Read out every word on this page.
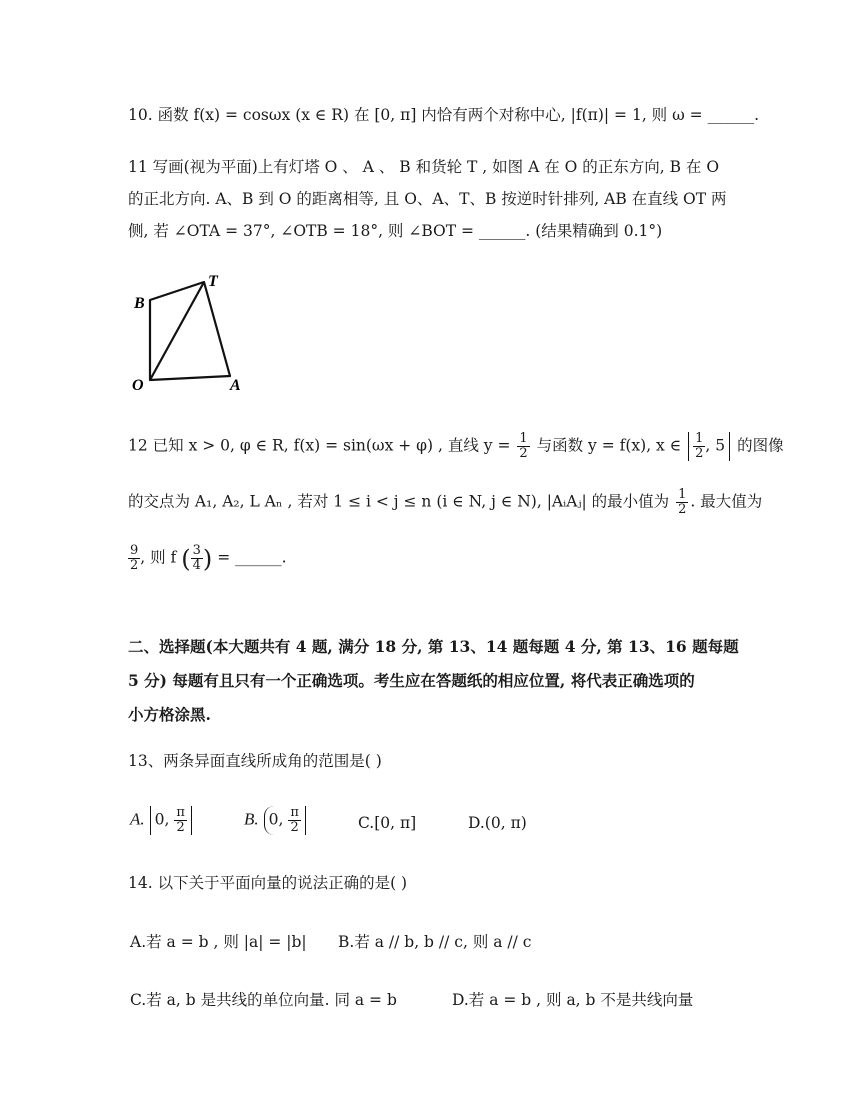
10. 函数 f(x) = cosωx (x ∈ R) 在 [0, π] 内恰有两个对称中心, |f(π)| = 1, 则 ω = ______.
11 写画(视为平面)上有灯塔 O 、 A 、 B 和货轮 T , 如图 A 在 O 的正东方向, B 在 O
的正北方向. A、B 到 O 的距离相等, 且 O、A、T、B 按逆时针排列, AB 在直线 OT 两
侧, 若 ∠OTA = 37°, ∠OTB = 18°, 则 ∠BOT = ______. (结果精确到 0.1°)
B
T
O	A
12 已知 x > 0, φ ∈ R, f(x) = sin(ωx + φ) , 直线 $y = \frac{1}{2}$ 与函数 y = f(x), x ∈ $\frac{1}{2}$ , 5 的图像
的交点为 A₁, A₂, L Aₙ , 若对 1 ≤ i < j ≤ n (i ∈ N, j ∈ N), |AᵢAⱼ| 的最小值为 $\frac{1}{2}$ . 最大值为
$\frac{9}{2}$ , 则 f ( $\frac{3}{4}$ ) = ______.
二、选择题(本大题共有 4 题, 满分 18 分, 第 13、14 题每题 4 分, 第 13、16 题每题
5 分) 每题有且只有一个正确选项。考生应在答题纸的相应位置, 将代表正确选项的
小方格涂黑.
13、两条异面直线所成角的范围是( )
A. 0, $\frac{\pi}{2}$	B. 0, $\frac{\pi}{2}$	C.[0, π]	D.(0, π)
14. 以下关于平面向量的说法正确的是( )
A.若 a = b , 则 |a| = |b| B.若 a // b, b // c, 则 a // c
C.若 a, b 是共线的单位向量. 同 a = b	D.若 a = b , 则 a, b 不是共线向量
